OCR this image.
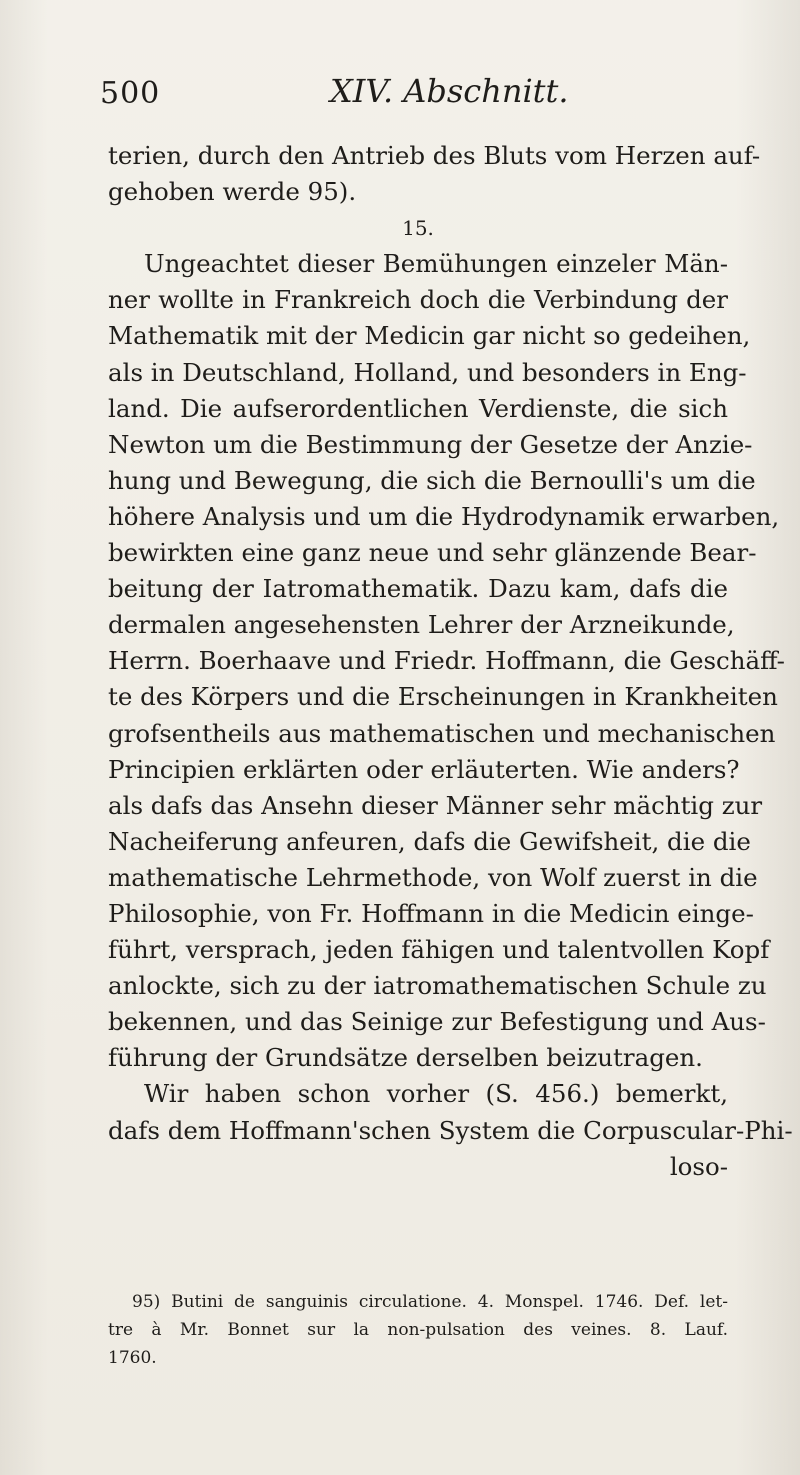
500	XIV. Abschnitt.
terien, durch den Antrieb des Bluts vom Herzen auf-
gehoben werde 95).
15.
Ungeachtet dieser Bemühungen einzeler Män-
ner wollte in Frankreich doch die Verbindung der
Mathematik mit der Medicin gar nicht so gedeihen,
als in Deutschland, Holland, und besonders in Eng-
land. Die aufserordentlichen Verdienste, die sich
Newton um die Bestimmung der Gesetze der Anzie-
hung und Bewegung, die sich die Bernoulli's um die
höhere Analysis und um die Hydrodynamik erwarben,
bewirkten eine ganz neue und sehr glänzende Bear-
beitung der Iatromathematik. Dazu kam, dafs die
dermalen angesehensten Lehrer der Arzneikunde,
Herrn. Boerhaave und Friedr. Hoffmann, die Geschäff-
te des Körpers und die Erscheinungen in Krankheiten
grofsentheils aus mathematischen und mechanischen
Principien erklärten oder erläuterten. Wie anders?
als dafs das Ansehn dieser Männer sehr mächtig zur
Nacheiferung anfeuren, dafs die Gewifsheit, die die
mathematische Lehrmethode, von Wolf zuerst in die
Philosophie, von Fr. Hoffmann in die Medicin einge-
führt, versprach, jeden fähigen und talentvollen Kopf
anlockte, sich zu der iatromathematischen Schule zu
bekennen, und das Seinige zur Befestigung und Aus-
führung der Grundsätze derselben beizutragen.
Wir haben schon vorher (S. 456.) bemerkt,
dafs dem Hoffmann'schen System die Corpuscular-Phi-
loso-
95) Butini de sanguinis circulatione. 4. Monspel. 1746. Def. let-
tre à Mr. Bonnet sur la non-pulsation des veines. 8. Lauf.
1760.
